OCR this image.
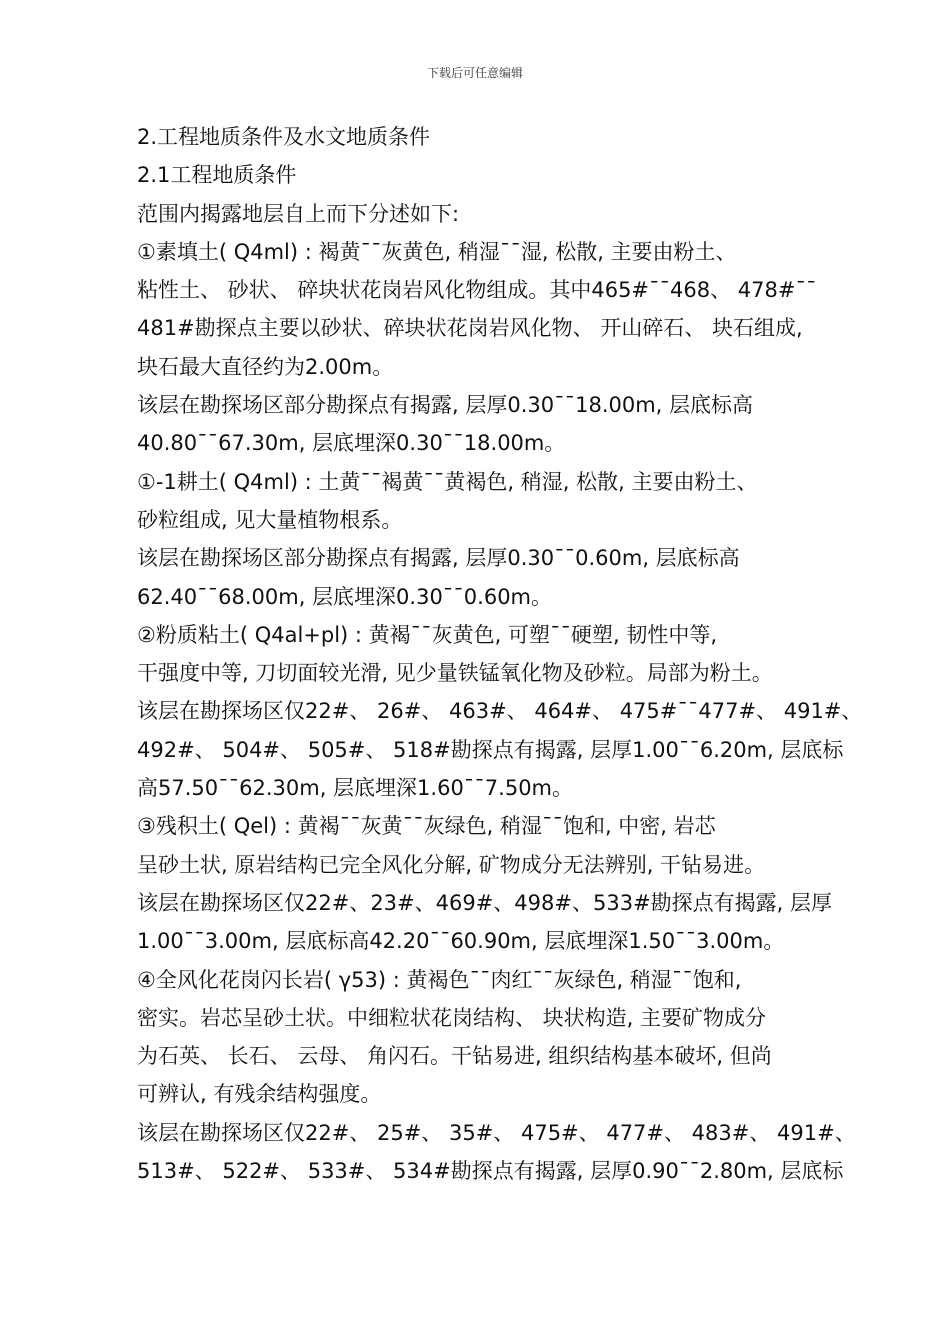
下载后可任意编辑
2.工程地质条件及水文地质条件
2.1工程地质条件
范围内揭露地层自上而下分述如下:
①素填土( Q4ml) : 褐黄¯¯灰黄色, 稍湿¯¯湿, 松散, 主要由粉土、
粘性土、 砂状、 碎块状花岗岩风化物组成。其中465#¯¯468、 478#¯¯
481#勘探点主要以砂状、碎块状花岗岩风化物、 开山碎石、 块石组成,
块石最大直径约为2.00m。
该层在勘探场区部分勘探点有揭露, 层厚0.30¯¯18.00m, 层底标高
40.80¯¯67.30m, 层底埋深0.30¯¯18.00m。
①-1耕土( Q4ml) : 土黄¯¯褐黄¯¯黄褐色, 稍湿, 松散, 主要由粉土、
砂粒组成, 见大量植物根系。
该层在勘探场区部分勘探点有揭露, 层厚0.30¯¯0.60m, 层底标高
62.40¯¯68.00m, 层底埋深0.30¯¯0.60m。
②粉质粘土( Q4al+pl) : 黄褐¯¯灰黄色, 可塑¯¯硬塑, 韧性中等,
干强度中等, 刀切面较光滑, 见少量铁锰氧化物及砂粒。局部为粉土。
该层在勘探场区仅22#、 26#、 463#、 464#、 475#¯¯477#、 491#、
492#、 504#、 505#、 518#勘探点有揭露, 层厚1.00¯¯6.20m, 层底标
高57.50¯¯62.30m, 层底埋深1.60¯¯7.50m。
③残积土( Qel) : 黄褐¯¯灰黄¯¯灰绿色, 稍湿¯¯饱和, 中密, 岩芯
呈砂土状, 原岩结构已完全风化分解, 矿物成分无法辨别, 干钻易进。
该层在勘探场区仅22#、23#、469#、498#、533#勘探点有揭露, 层厚
1.00¯¯3.00m, 层底标高42.20¯¯60.90m, 层底埋深1.50¯¯3.00m。
④全风化花岗闪长岩( γ53) : 黄褐色¯¯肉红¯¯灰绿色, 稍湿¯¯饱和,
密实。岩芯呈砂土状。中细粒状花岗结构、 块状构造, 主要矿物成分
为石英、 长石、 云母、 角闪石。干钻易进, 组织结构基本破坏, 但尚
可辨认, 有残余结构强度。
该层在勘探场区仅22#、 25#、 35#、 475#、 477#、 483#、 491#、
513#、 522#、 533#、 534#勘探点有揭露, 层厚0.90¯¯2.80m, 层底标
